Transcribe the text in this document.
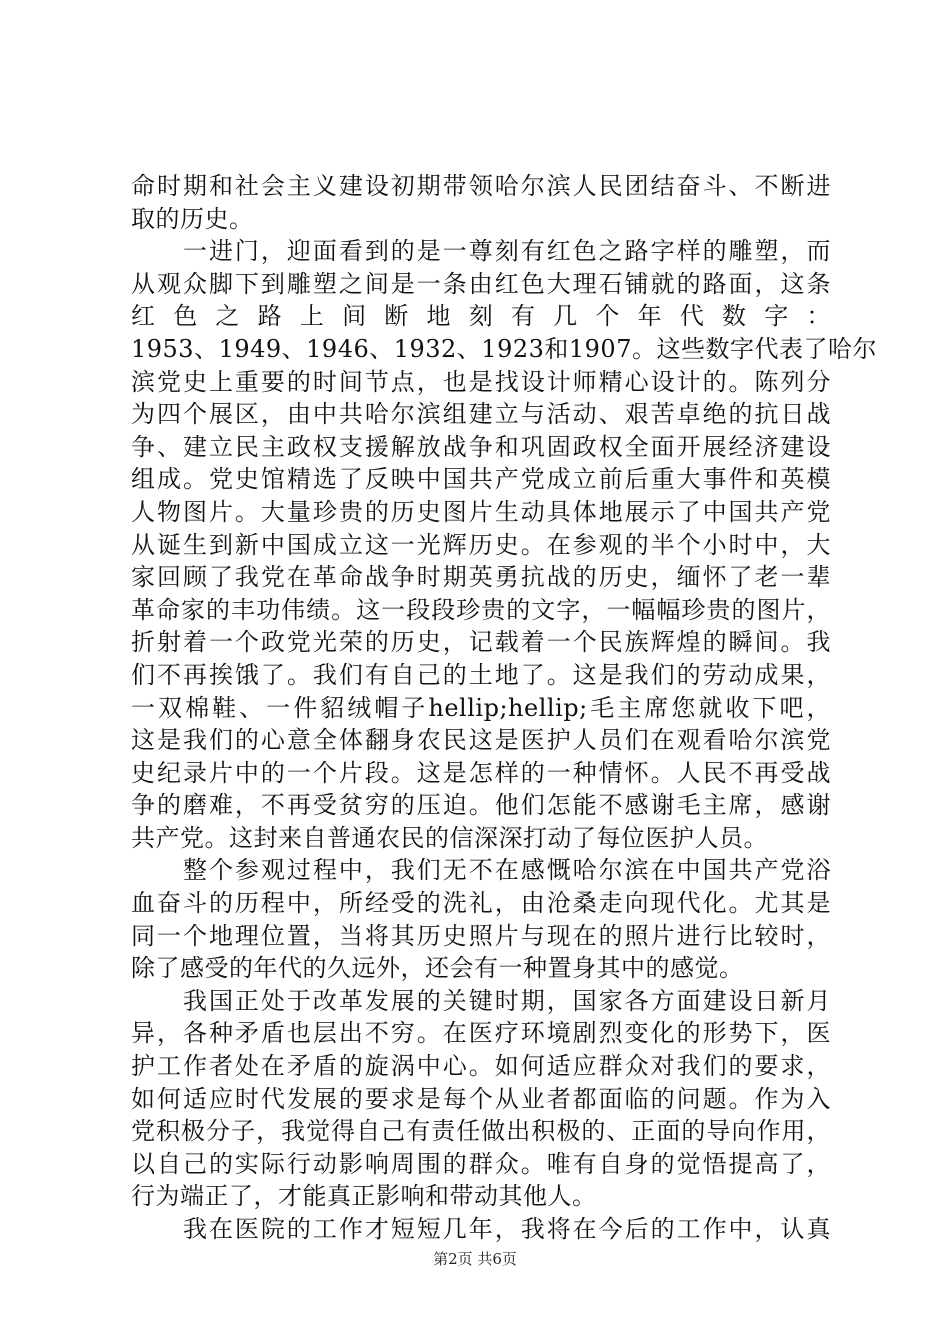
命时期和社会主义建设初期带领哈尔滨人民团结奋斗、不断进
取的历史。
　　一进门，迎面看到的是一尊刻有红色之路字样的雕塑，而
从观众脚下到雕塑之间是一条由红色大理石铺就的路面，这条
红色之路上间断地刻有几个年代数字：
1953、1949、1946、1932、1923和1907。这些数字代表了哈尔
滨党史上重要的时间节点，也是找设计师精心设计的。陈列分
为四个展区，由中共哈尔滨组建立与活动、艰苦卓绝的抗日战
争、建立民主政权支援解放战争和巩固政权全面开展经济建设
组成。党史馆精选了反映中国共产党成立前后重大事件和英模
人物图片。大量珍贵的历史图片生动具体地展示了中国共产党
从诞生到新中国成立这一光辉历史。在参观的半个小时中，大
家回顾了我党在革命战争时期英勇抗战的历史，缅怀了老一辈
革命家的丰功伟绩。这一段段珍贵的文字，一幅幅珍贵的图片，
折射着一个政党光荣的历史，记载着一个民族辉煌的瞬间。我
们不再挨饿了。我们有自己的土地了。这是我们的劳动成果，
一双棉鞋、一件貂绒帽子hellip;hellip;毛主席您就收下吧，
这是我们的心意全体翻身农民这是医护人员们在观看哈尔滨党
史纪录片中的一个片段。这是怎样的一种情怀。人民不再受战
争的磨难，不再受贫穷的压迫。他们怎能不感谢毛主席，感谢
共产党。这封来自普通农民的信深深打动了每位医护人员。
　　整个参观过程中，我们无不在感慨哈尔滨在中国共产党浴
血奋斗的历程中，所经受的洗礼，由沧桑走向现代化。尤其是
同一个地理位置，当将其历史照片与现在的照片进行比较时，
除了感受的年代的久远外，还会有一种置身其中的感觉。
　　我国正处于改革发展的关键时期，国家各方面建设日新月
异，各种矛盾也层出不穷。在医疗环境剧烈变化的形势下，医
护工作者处在矛盾的旋涡中心。如何适应群众对我们的要求，
如何适应时代发展的要求是每个从业者都面临的问题。作为入
党积极分子，我觉得自己有责任做出积极的、正面的导向作用，
以自己的实际行动影响周围的群众。唯有自身的觉悟提高了，
行为端正了，才能真正影响和带动其他人。
　　我在医院的工作才短短几年，我将在今后的工作中，认真
第2页 共6页
